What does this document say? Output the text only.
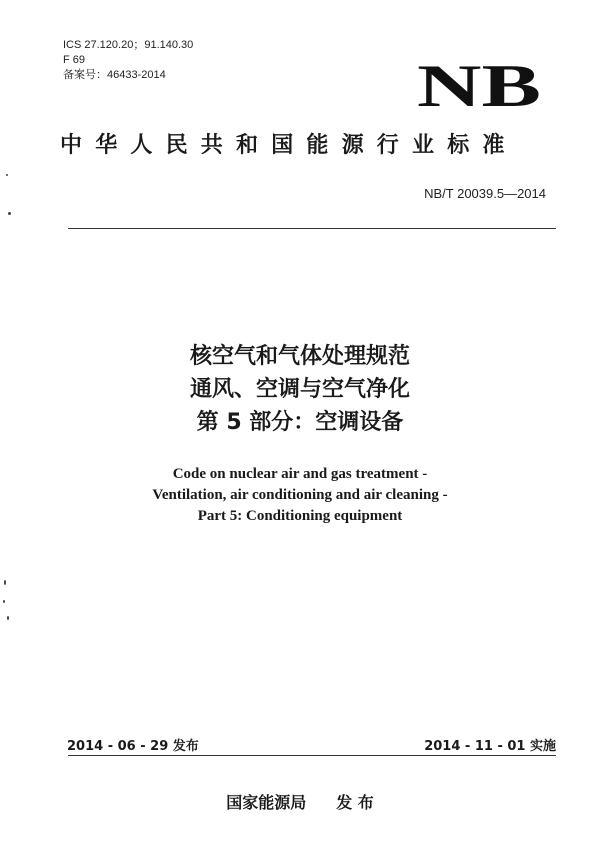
ICS 27.120.20；91.140.30
F 69
备案号：46433-2014	NB
中华人民共和国能源行业标准
NB/T 20039.5—2014
核空气和气体处理规范
通风、空调与空气净化
第 5 部分：空调设备
Code on nuclear air and gas treatment -
Ventilation, air conditioning and air cleaning -
Part 5: Conditioning equipment
2014 - 06 - 29 发布	2014 - 11 - 01 实施
国家能源局 发 布
